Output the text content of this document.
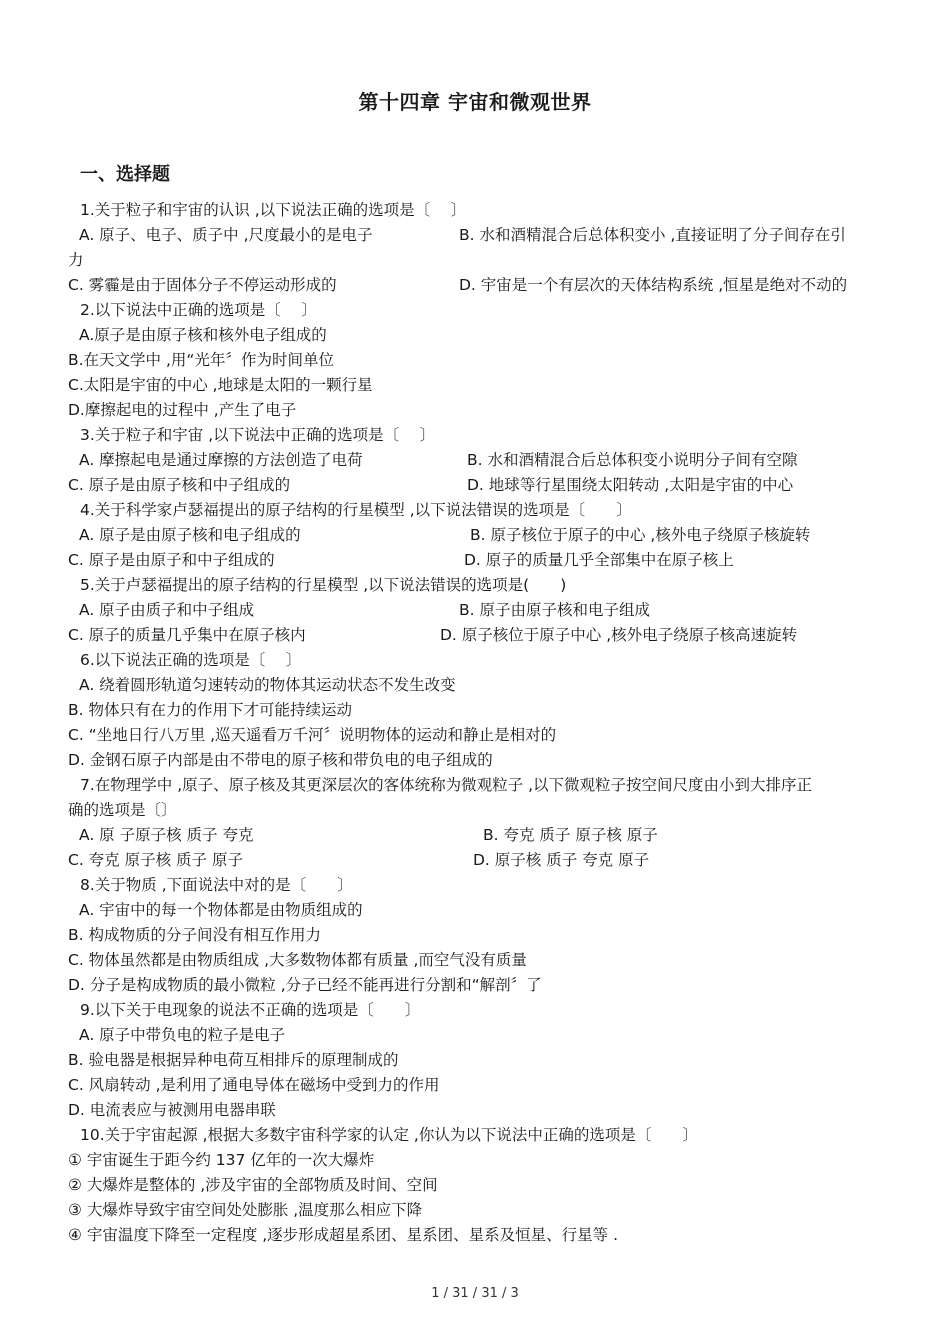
第十四章 宇宙和微观世界
一、选择题
1.关于粒子和宇宙的认识 ,以下说法正确的选项是〔　 〕
A. 原子、电子、质子中 ,尺度最小的是电子	B. 水和酒精混合后总体积变小 ,直接证明了分子间存在引
力
C. 雾霾是由于固体分子不停运动形成的	D. 宇宙是一个有层次的天体结构系统 ,恒星是绝对不动的
2.以下说法中正确的选项是〔　 〕
A.原子是由原子核和核外电子组成的
B.在天文学中 ,用“光年〞作为时间单位
C.太阳是宇宙的中心 ,地球是太阳的一颗行星
D.摩擦起电的过程中 ,产生了电子
3.关于粒子和宇宙 ,以下说法中正确的选项是〔　 〕
A. 摩擦起电是通过摩擦的方法创造了电荷	B. 水和酒精混合后总体积变小说明分子间有空隙
C. 原子是由原子核和中子组成的	D. 地球等行星围绕太阳转动 ,太阳是宇宙的中心
4.关于科学家卢瑟福提出的原子结构的行星模型 ,以下说法错误的选项是〔　　〕
A. 原子是由原子核和电子组成的	B. 原子核位于原子的中心 ,核外电子绕原子核旋转
C. 原子是由原子和中子组成的	D. 原子的质量几乎全部集中在原子核上
5.关于卢瑟福提出的原子结构的行星模型 ,以下说法错误的选项是(　　)
A. 原子由质子和中子组成	B. 原子由原子核和电子组成
C. 原子的质量几乎集中在原子核内	D. 原子核位于原子中心 ,核外电子绕原子核高速旋转
6.以下说法正确的选项是〔　 〕
A. 绕着圆形轨道匀速转动的物体其运动状态不发生改变
B. 物体只有在力的作用下才可能持续运动
C. “坐地日行八万里 ,巡天遥看万千河〞说明物体的运动和静止是相对的
D. 金钢石原子内部是由不带电的原子核和带负电的电子组成的
7.在物理学中 ,原子、原子核及其更深层次的客体统称为微观粒子 ,以下微观粒子按空间尺度由小到大排序正
确的选项是〔〕
A. 原 子原子核 质子 夸克	B. 夸克 质子 原子核 原子
C. 夸克 原子核 质子 原子	D. 原子核 质子 夸克 原子
8.关于物质 ,下面说法中对的是〔　　〕
A. 宇宙中的每一个物体都是由物质组成的
B. 构成物质的分子间没有相互作用力
C. 物体虽然都是由物质组成 ,大多数物体都有质量 ,而空气没有质量
D. 分子是构成物质的最小微粒 ,分子已经不能再进行分割和“解剖〞了
9.以下关于电现象的说法不正确的选项是〔　　〕
A. 原子中带负电的粒子是电子
B. 验电器是根据异种电荷互相排斥的原理制成的
C. 风扇转动 ,是利用了通电导体在磁场中受到力的作用
D. 电流表应与被测用电器串联
10.关于宇宙起源 ,根据大多数宇宙科学家的认定 ,你认为以下说法中正确的选项是〔　　〕
① 宇宙诞生于距今约 137 亿年的一次大爆炸
② 大爆炸是整体的 ,涉及宇宙的全部物质及时间、空间
③ 大爆炸导致宇宙空间处处膨胀 ,温度那么相应下降
④ 宇宙温度下降至一定程度 ,逐步形成超星系团、星系团、星系及恒星、行星等 .
1 / 31 / 31 / 3
